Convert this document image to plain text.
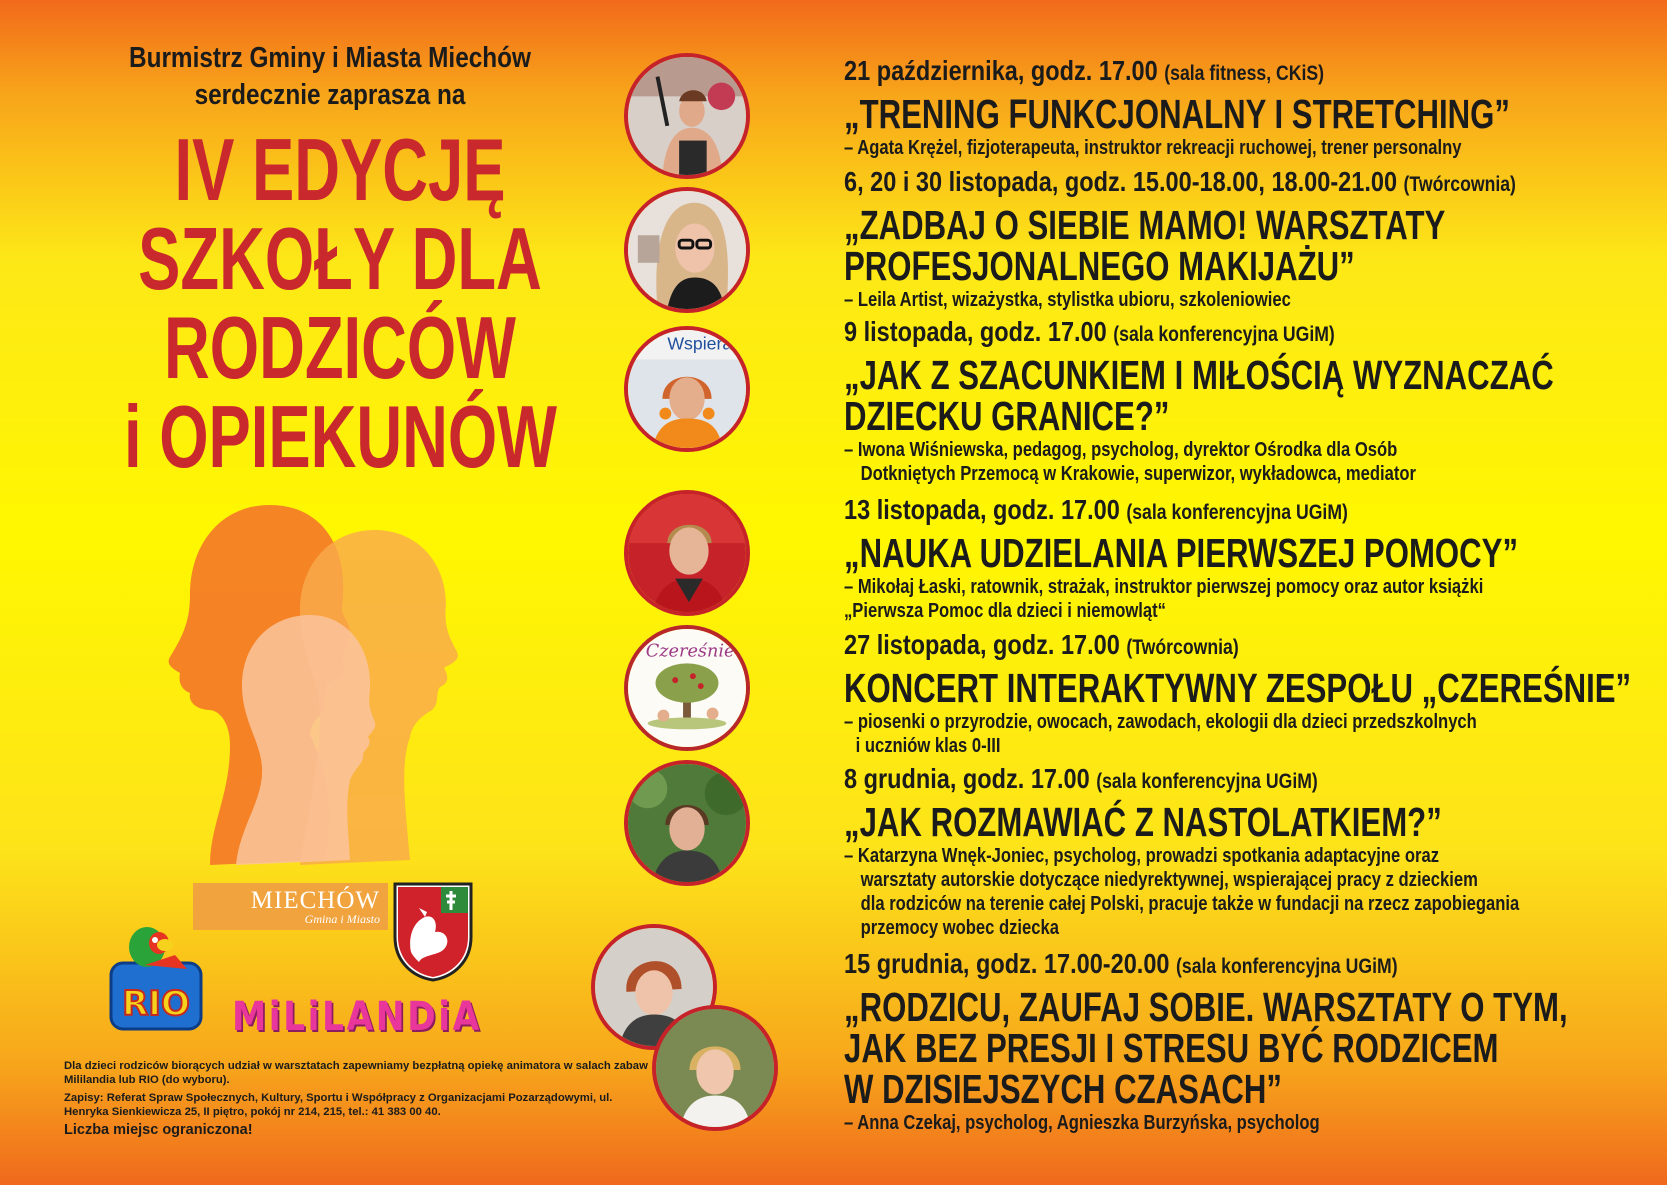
Burmistrz Gminy i Miasta Miechów
serdecznie zaprasza na
IV EDYCJĘ
SZKOŁY DLA
RODZICÓW
i OPIEKUNÓW
MIECHÓW
Gmina i Miasto
RIO MiLiLANDiA

Dla dzieci rodziców biorących udział w warsztatach zapewniamy bezpłatną opiekę animatora w salach zabaw Mililandia lub RIO (do wyboru).

Zapisy: Referat Spraw Społecznych, Kultury, Sportu i Współpracy z Organizacjami Pozarządowymi, ul. Henryka Sienkiewicza 25, II piętro, pokój nr 214, 215, tel.: 41 383 00 40.

Liczba miejsc ograniczona!

Wspiera
Czereśnie
21 października, godz. 17.00 (sala fitness, CKiS)
„TRENING FUNKCJONALNY I STRETCHING”
– Agata Krężel, fizjoterapeuta, instruktor rekreacji ruchowej, trener personalny
6, 20 i 30 listopada, godz. 15.00-18.00, 18.00-21.00 (Twórcownia)
„ZADBAJ O SIEBIE MAMO! WARSZTATY
PROFESJONALNEGO MAKIJAŻU”
– Leila Artist, wizażystka, stylistka ubioru, szkoleniowiec
9 listopada, godz. 17.00 (sala konferencyjna UGiM)
„JAK Z SZACUNKIEM I MIŁOŚCIĄ WYZNACZAĆ
DZIECKU GRANICE?”
– Iwona Wiśniewska, pedagog, psycholog, dyrektor Ośrodka dla Osób
Dotkniętych Przemocą w Krakowie, superwizor, wykładowca, mediator
13 listopada, godz. 17.00 (sala konferencyjna UGiM)
„NAUKA UDZIELANIA PIERWSZEJ POMOCY”
– Mikołaj Łaski, ratownik, strażak, instruktor pierwszej pomocy oraz autor książki
„Pierwsza Pomoc dla dzieci i niemowląt“
27 listopada, godz. 17.00 (Twórcownia)
KONCERT INTERAKTYWNY ZESPOŁU „CZEREŚNIE”
– piosenki o przyrodzie, owocach, zawodach, ekologii dla dzieci przedszkolnych
i uczniów klas 0-III
8 grudnia, godz. 17.00 (sala konferencyjna UGiM)
„JAK ROZMAWIAĆ Z NASTOLATKIEM?”
– Katarzyna Wnęk-Joniec, psycholog, prowadzi spotkania adaptacyjne oraz
warsztaty autorskie dotyczące niedyrektywnej, wspierającej pracy z dzieckiem
dla rodziców na terenie całej Polski, pracuje także w fundacji na rzecz zapobiegania
przemocy wobec dziecka
15 grudnia, godz. 17.00-20.00 (sala konferencyjna UGiM)
„RODZICU, ZAUFAJ SOBIE. WARSZTATY O TYM,
JAK BEZ PRESJI I STRESU BYĆ RODZICEM
W DZISIEJSZYCH CZASACH”
– Anna Czekaj, psycholog, Agnieszka Burzyńska, psycholog
